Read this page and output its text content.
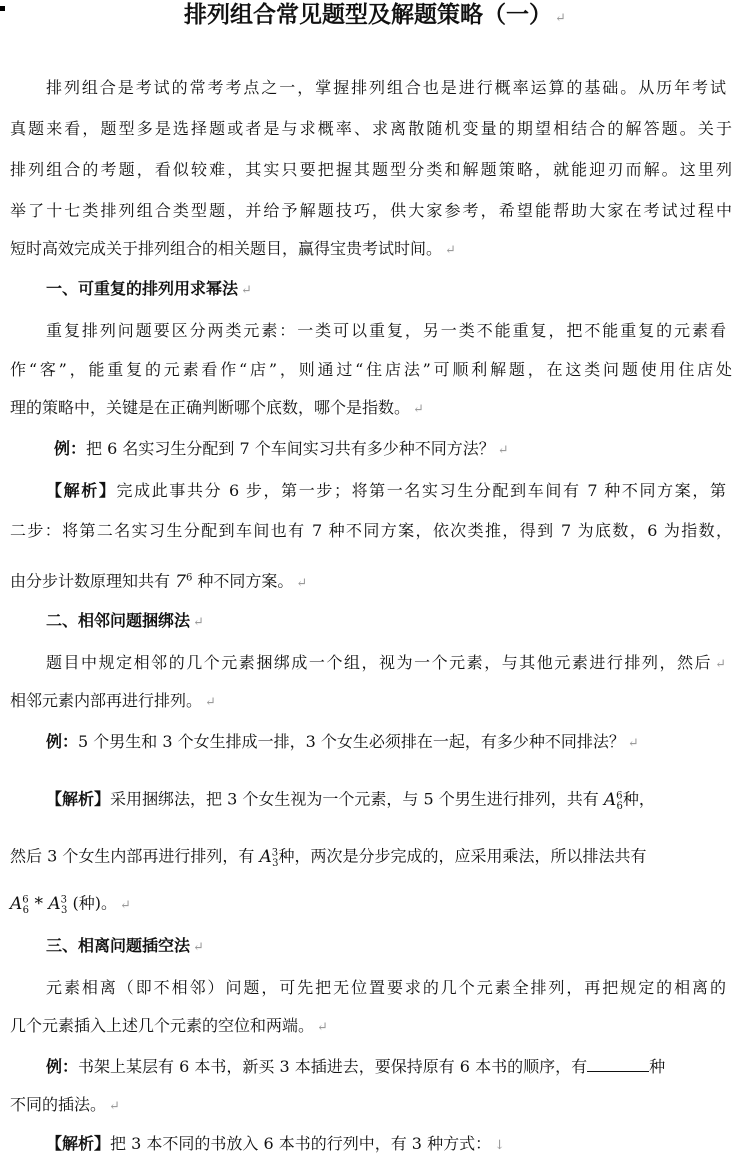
排列组合常见题型及解题策略（一） ↵
排列组合是考试的常考考点之一，掌握排列组合也是进行概率运算的基础。从历年考试
真题来看，题型多是选择题或者是与求概率、求离散随机变量的期望相结合的解答题。关于
排列组合的考题，看似较难，其实只要把握其题型分类和解题策略，就能迎刃而解。这里列
举了十七类排列组合类型题，并给予解题技巧，供大家参考，希望能帮助大家在考试过程中
短时高效完成关于排列组合的相关题目，赢得宝贵考试时间。 ↵
一、可重复的排列用求幂法 ↵
重复排列问题要区分两类元素：一类可以重复，另一类不能重复，把不能重复的元素看
作“客”，能重复的元素看作“店”，则通过“住店法”可顺利解题，在这类问题使用住店处
理的策略中，关键是在正确判断哪个底数，哪个是指数。 ↵
例：把 6 名实习生分配到 7 个车间实习共有多少种不同方法？ ↵
【解析】完成此事共分 6 步，第一步；将第一名实习生分配到车间有 7 种不同方案，第
二步：将第二名实习生分配到车间也有 7 种不同方案，依次类推，得到 7 为底数，6 为指数，
由分步计数原理知共有 $7^6$ 种不同方案。 ↵
二、相邻问题捆绑法 ↵
题目中规定相邻的几个元素捆绑成一个组，视为一个元素，与其他元素进行排列，然后 ↵
相邻元素内部再进行排列。 ↵
例：5 个男生和 3 个女生排成一排，3 个女生必须排在一起，有多少种不同排法？ ↵
【解析】采用捆绑法，把 3 个女生视为一个元素，与 5 个男生进行排列，共有 $A^6_6$种，
然后 3 个女生内部再进行排列，有 $A^3_3$种，两次是分步完成的，应采用乘法，所以排法共有
$A^6_6 * A^3_3$ (种)。 ↵
三、相离问题插空法 ↵
元素相离（即不相邻）问题，可先把无位置要求的几个元素全排列，再把规定的相离的
几个元素插入上述几个元素的空位和两端。 ↵
例：书架上某层有 6 本书，新买 3 本插进去，要保持原有 6 本书的顺序，有	种
不同的插法。 ↵
【解析】把 3 本不同的书放入 6 本书的行列中，有 3 种方式： ↓
